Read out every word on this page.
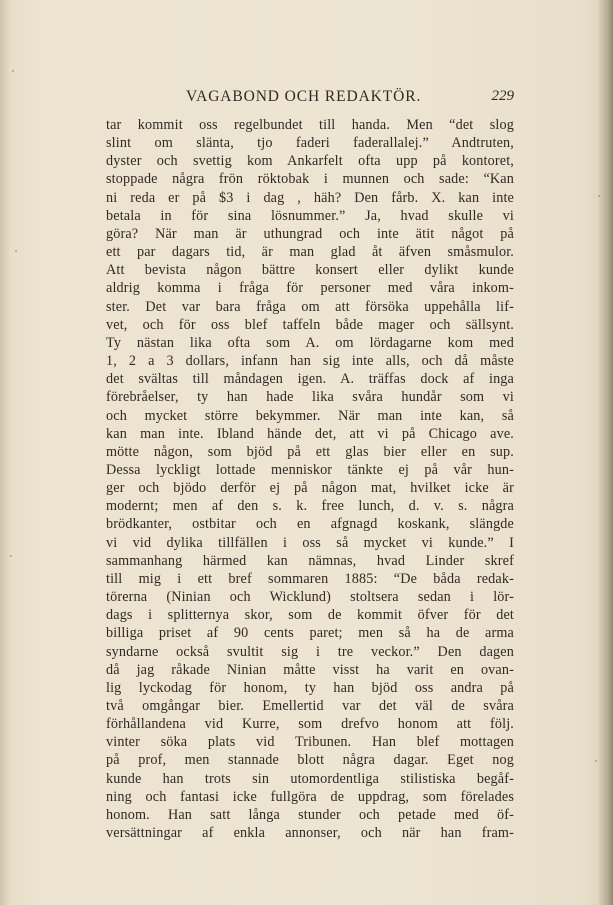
VAGABOND OCH REDAKTÖR.	229
tar kommit oss regelbundet till handa. Men “det slog
slint om slänta, tjo faderi faderallalej.” Andtruten,
dyster och svettig kom Ankarfelt ofta upp på kontoret,
stoppade några frön röktobak i munnen och sade: “Kan
ni reda er på $3 i dag , häh? Den fårb. X. kan inte
betala in för sina lösnummer.” Ja, hvad skulle vi
göra? När man är uthungrad och inte ätit något på
ett par dagars tid, är man glad åt äfven småsmulor.
Att bevista någon bättre konsert eller dylikt kunde
aldrig komma i fråga för personer med våra inkom-
ster. Det var bara fråga om att försöka uppehålla lif-
vet, och för oss blef taffeln både mager och sällsynt.
Ty nästan lika ofta som A. om lördagarne kom med
1, 2 a 3 dollars, infann han sig inte alls, och då måste
det svältas till måndagen igen. A. träffas dock af inga
förebråelser, ty han hade lika svåra hundår som vi
och mycket större bekymmer. När man inte kan, så
kan man inte. Ibland hände det, att vi på Chicago ave.
mötte någon, som bjöd på ett glas bier eller en sup.
Dessa lyckligt lottade menniskor tänkte ej på vår hun-
ger och bjödo derför ej på någon mat, hvilket icke är
modernt; men af den s. k. free lunch, d. v. s. några
brödkanter, ostbitar och en afgnagd koskank, slängde
vi vid dylika tillfällen i oss så mycket vi kunde.” I
sammanhang härmed kan nämnas, hvad Linder skref
till mig i ett bref sommaren 1885: “De båda redak-
törerna (Ninian och Wicklund) stoltsera sedan i lör-
dags i splitternya skor, som de kommit öfver för det
billiga priset af 90 cents paret; men så ha de arma
syndarne också svultit sig i tre veckor.” Den dagen
då jag råkade Ninian måtte visst ha varit en ovan-
lig lyckodag för honom, ty han bjöd oss andra på
två omgångar bier. Emellertid var det väl de svåra
förhållandena vid Kurre, som drefvo honom att följ.
vinter söka plats vid Tribunen. Han blef mottagen
på prof, men stannade blott några dagar. Eget nog
kunde han trots sin utomordentliga stilistiska begåf-
ning och fantasi icke fullgöra de uppdrag, som förelades
honom. Han satt långa stunder och petade med öf-
versättningar af enkla annonser, och när han fram-
